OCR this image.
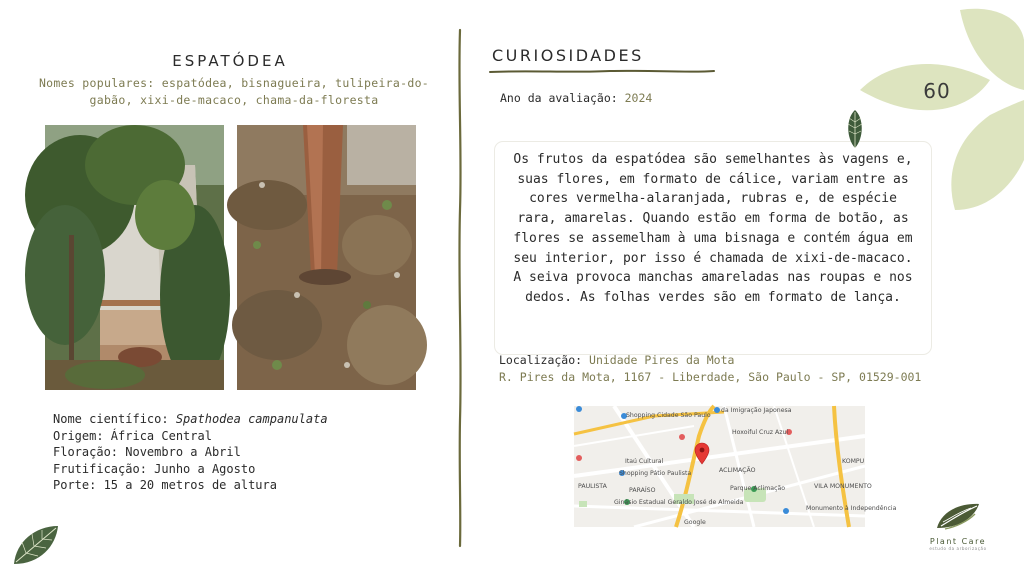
ESPATÓDEA
Nomes populares: espatódea, bisnagueira, tulipeira-do-gabão, xixi-de-macaco, chama-da-floresta
Nome científico: Spathodea campanulata
Origem: África Central
Floração: Novembro a Abril
Frutificação: Junho a Agosto
Porte: 15 a 20 metros de altura
CURIOSIDADES
Ano da avaliação: 2024
Os frutos da espatódea são semelhantes às vagens e, suas flores, em formato de cálice, variam entre as cores vermelha-alaranjada, rubras e, de espécie rara, amarelas. Quando estão em forma de botão, as flores se assemelham à uma bisnaga e contém água em seu interior, por isso é chamada de xixi-de-macaco. A seiva provoca manchas amareladas nas roupas e nos dedos. As folhas verdes são em formato de lança.
Localização: Unidade Pires da Mota
R. Pires da Mota, 1167 - Liberdade, São Paulo - SP, 01529-001
Shopping Cidade São Paulo
da Imigração Japonesa
Hoxoiful Cruz Azul
Itaú Cultural
Shopping Pátio Paulista	ACLIMAÇÃO
PARAÍSO
PAULISTA	Parque Aclimação
Ginásio Estadual Geraldo José de Almeida
VILA MONUMENTO
Monumento à Independência
KOMPU
Google
60
Plant Care
estudo da arborização
